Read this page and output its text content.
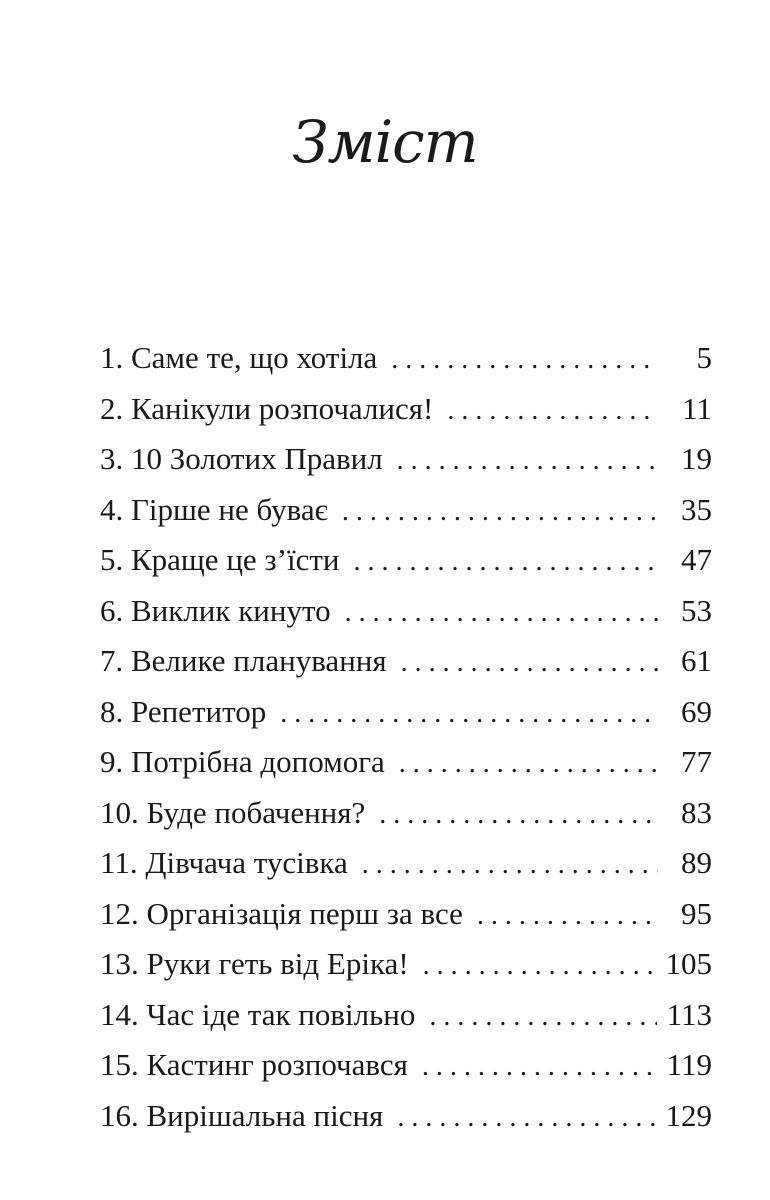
Зміст
1. Саме те, що хотіла . . .	5
2. Канікули розпочалися! . . .	11
3. 10 Золотих Правил . . .	19
4. Гірше не буває . . .	35
5. Краще це з’їсти . . .	47
6. Виклик кинуто . . .	53
7. Велике планування . . .	61
8. Репетитор . . .	69
9. Потрібна допомога . . .	77
10. Буде побачення? . . .	83
11. Дівчача тусівка . . .	89
12. Організація перш за все . . .	95
13. Руки геть від Еріка! . . .	105
14. Час іде так повільно . . .	113
15. Кастинг розпочався . . .	119
16. Вирішальна пісня . . .	129
